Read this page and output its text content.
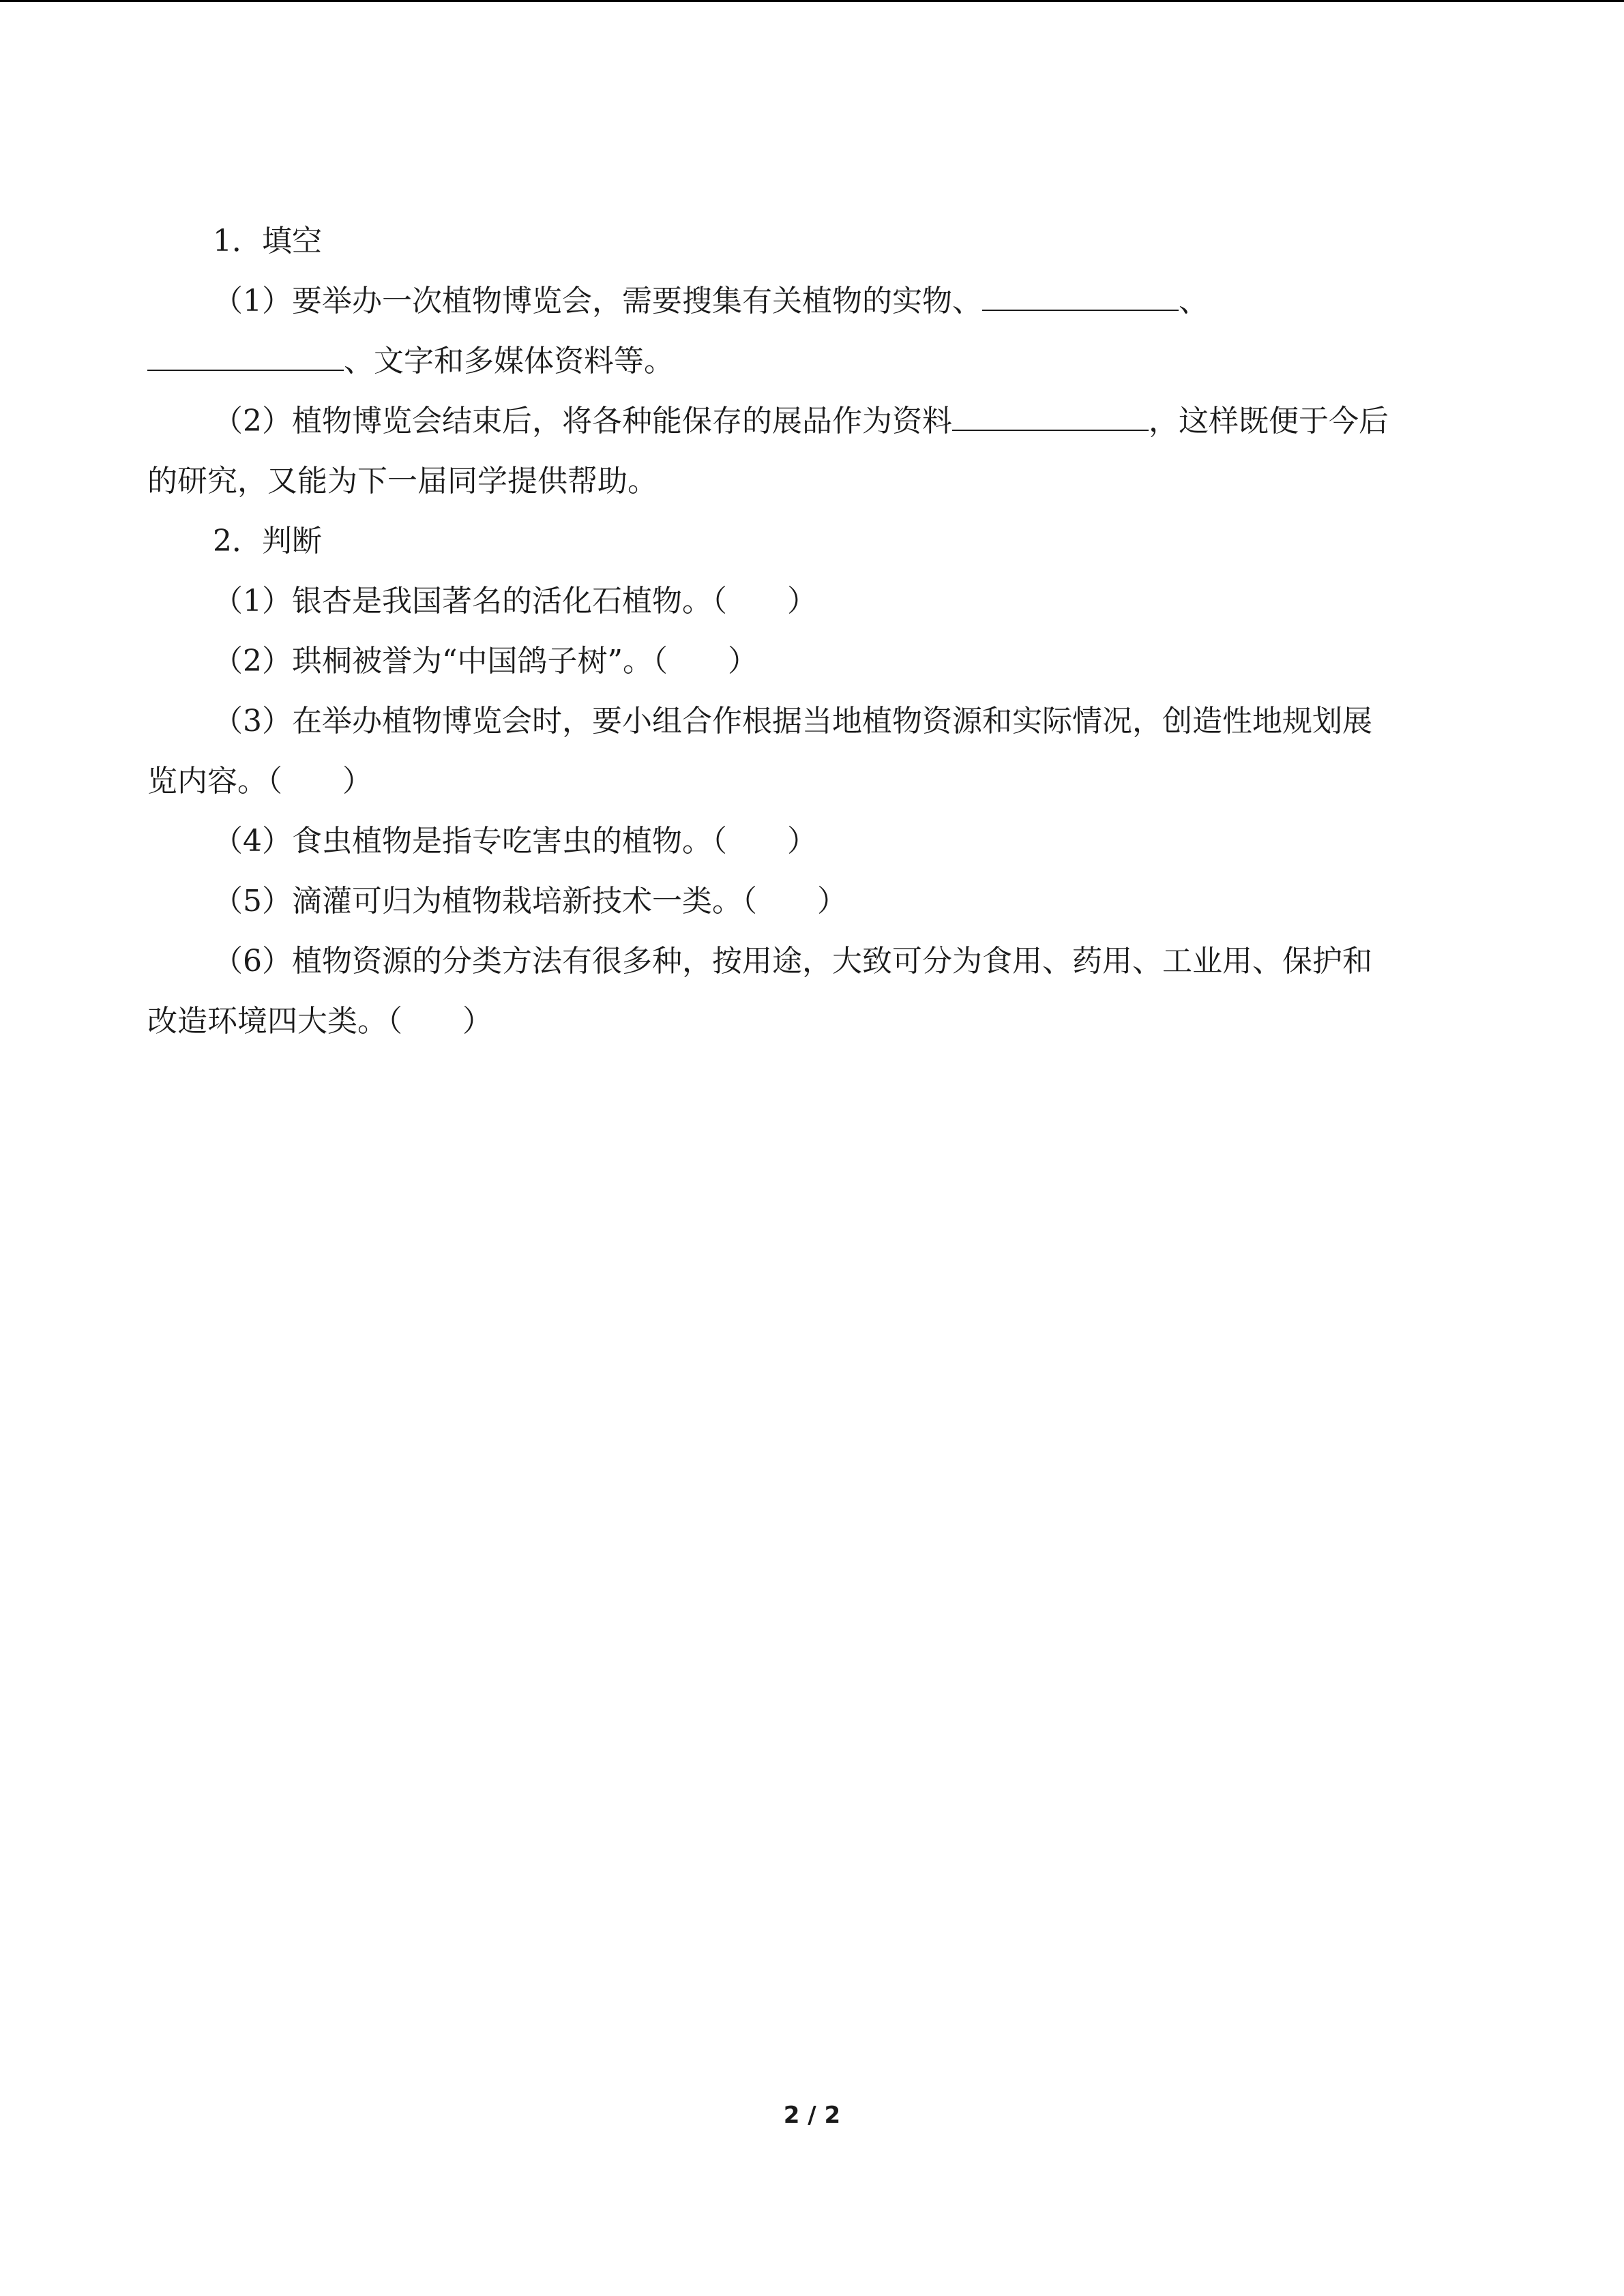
1．填空
（1）要举办一次植物博览会，需要搜集有关植物的实物、	、
、文字和多媒体资料等。
（2）植物博览会结束后，将各种能保存的展品作为资料	，这样既便于今后
的研究，又能为下一届同学提供帮助。
2．判断
（1）银杏是我国著名的活化石植物。（　　）
（2）珙桐被誉为“中国鸽子树”。（　　）
（3）在举办植物博览会时，要小组合作根据当地植物资源和实际情况，创造性地规划展
览内容。（　　）
（4）食虫植物是指专吃害虫的植物。（　　）
（5）滴灌可归为植物栽培新技术一类。（　　）
（6）植物资源的分类方法有很多种，按用途，大致可分为食用、药用、工业用、保护和
改造环境四大类。（　　）
2 / 2
